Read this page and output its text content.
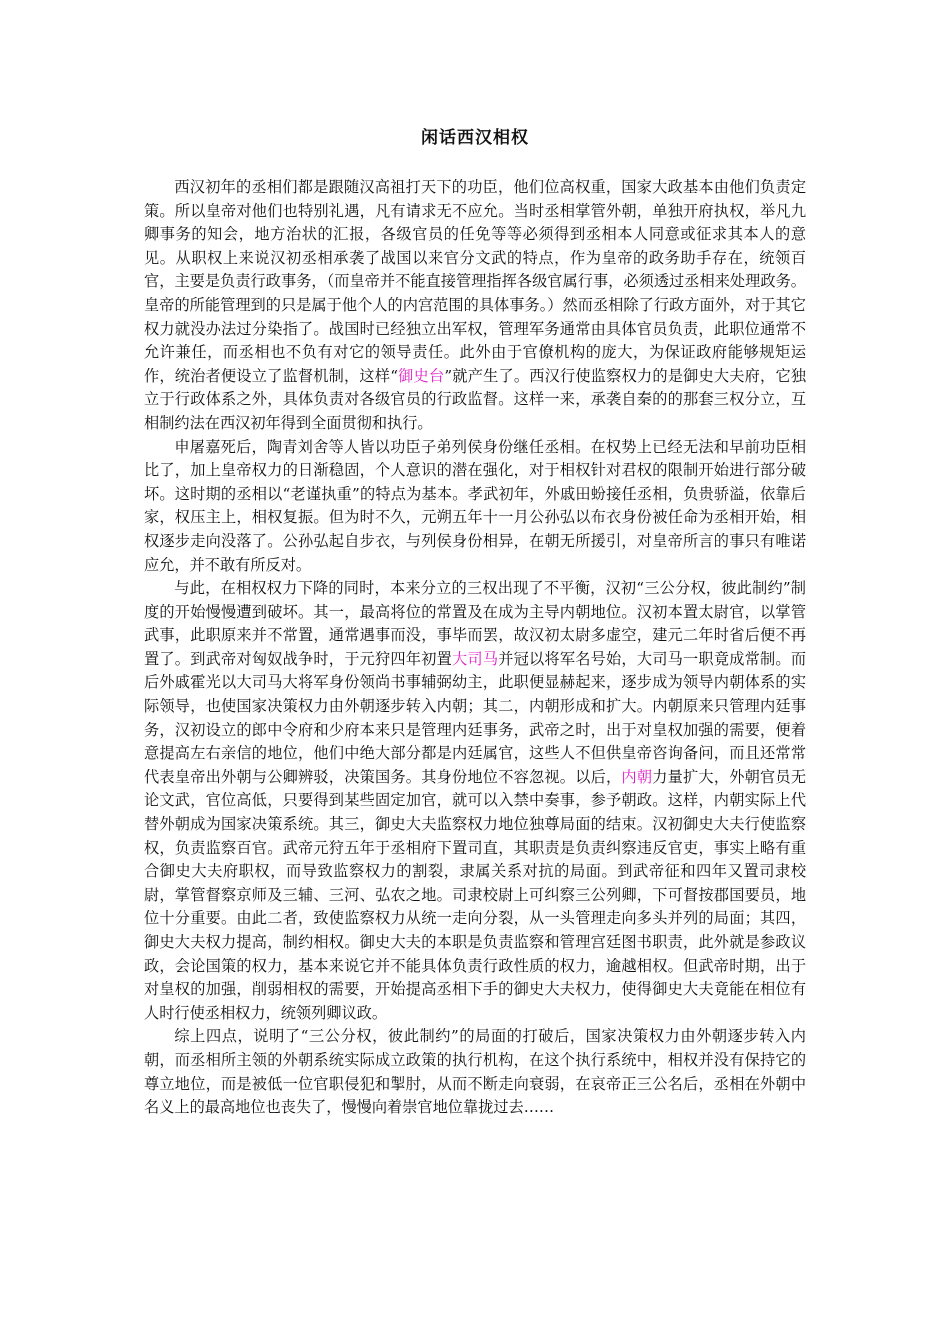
闲话西汉相权

西汉初年的丞相们都是跟随汉高祖打天下的功臣，他们位高权重，国家大政基本由他们负责定策。所以皇帝对他们也特别礼遇，凡有请求无不应允。当时丞相掌管外朝，单独开府执权，举凡九卿事务的知会，地方治状的汇报，各级官员的任免等等必须得到丞相本人同意或征求其本人的意见。从职权上来说汉初丞相承袭了战国以来官分文武的特点，作为皇帝的政务助手存在，统领百官，主要是负责行政事务，（而皇帝并不能直接管理指挥各级官属行事，必须透过丞相来处理政务。皇帝的所能管理到的只是属于他个人的内宫范围的具体事务。）然而丞相除了行政方面外，对于其它权力就没办法过分染指了。战国时已经独立出军权，管理军务通常由具体官员负责，此职位通常不允许兼任，而丞相也不负有对它的领导责任。此外由于官僚机构的庞大，为保证政府能够规矩运作，统治者便设立了监督机制，这样“御史台”就产生了。西汉行使监察权力的是御史大夫府，它独立于行政体系之外，具体负责对各级官员的行政监督。这样一来，承袭自秦的的那套三权分立，互相制约法在西汉初年得到全面贯彻和执行。

申屠嘉死后，陶青刘舍等人皆以功臣子弟列侯身份继任丞相。在权势上已经无法和早前功臣相比了，加上皇帝权力的日渐稳固，个人意识的潜在强化，对于相权针对君权的限制开始进行部分破坏。这时期的丞相以“老谨执重”的特点为基本。孝武初年，外戚田蚡接任丞相，负贵骄溢，依靠后家，权压主上，相权复振。但为时不久，元朔五年十一月公孙弘以布衣身份被任命为丞相开始，相权逐步走向没落了。公孙弘起自步衣，与列侯身份相异，在朝无所援引，对皇帝所言的事只有唯诺应允，并不敢有所反对。

与此，在相权权力下降的同时，本来分立的三权出现了不平衡，汉初“三公分权，彼此制约”制度的开始慢慢遭到破坏。其一，最高将位的常置及在成为主导内朝地位。汉初本置太尉官，以掌管武事，此职原来并不常置，通常遇事而没，事毕而罢，故汉初太尉多虚空，建元二年时省后便不再置了。到武帝对匈奴战争时，于元狩四年初置大司马并冠以将军名号始，大司马一职竟成常制。而后外戚霍光以大司马大将军身份领尚书事辅弼幼主，此职便显赫起来，逐步成为领导内朝体系的实际领导，也使国家决策权力由外朝逐步转入内朝；其二，内朝形成和扩大。内朝原来只管理内廷事务，汉初设立的郎中令府和少府本来只是管理内廷事务，武帝之时，出于对皇权加强的需要，便着意提高左右亲信的地位，他们中绝大部分都是内廷属官，这些人不但供皇帝咨询备问，而且还常常代表皇帝出外朝与公卿辨驳，决策国务。其身份地位不容忽视。以后，内朝力量扩大，外朝官员无论文武，官位高低，只要得到某些固定加官，就可以入禁中奏事，参予朝政。这样，内朝实际上代替外朝成为国家决策系统。其三，御史大夫监察权力地位独尊局面的结束。汉初御史大夫行使监察权，负责监察百官。武帝元狩五年于丞相府下置司直，其职责是负责纠察违反官吏，事实上略有重合御史大夫府职权，而导致监察权力的割裂，隶属关系对抗的局面。到武帝征和四年又置司隶校尉，掌管督察京师及三辅、三河、弘农之地。司隶校尉上可纠察三公列卿，下可督按郡国要员，地位十分重要。由此二者，致使监察权力从统一走向分裂，从一头管理走向多头并列的局面；其四，御史大夫权力提高，制约相权。御史大夫的本职是负责监察和管理宫廷图书职责，此外就是参政议政，会论国策的权力，基本来说它并不能具体负责行政性质的权力，逾越相权。但武帝时期，出于对皇权的加强，削弱相权的需要，开始提高丞相下手的御史大夫权力，使得御史大夫竟能在相位有人时行使丞相权力，统领列卿议政。

综上四点，说明了“三公分权，彼此制约”的局面的打破后，国家决策权力由外朝逐步转入内朝，而丞相所主领的外朝系统实际成立政策的执行机构，在这个执行系统中，相权并没有保持它的尊立地位，而是被低一位官职侵犯和掣肘，从而不断走向衰弱，在哀帝正三公名后，丞相在外朝中名义上的最高地位也丧失了，慢慢向着崇官地位靠拢过去……
